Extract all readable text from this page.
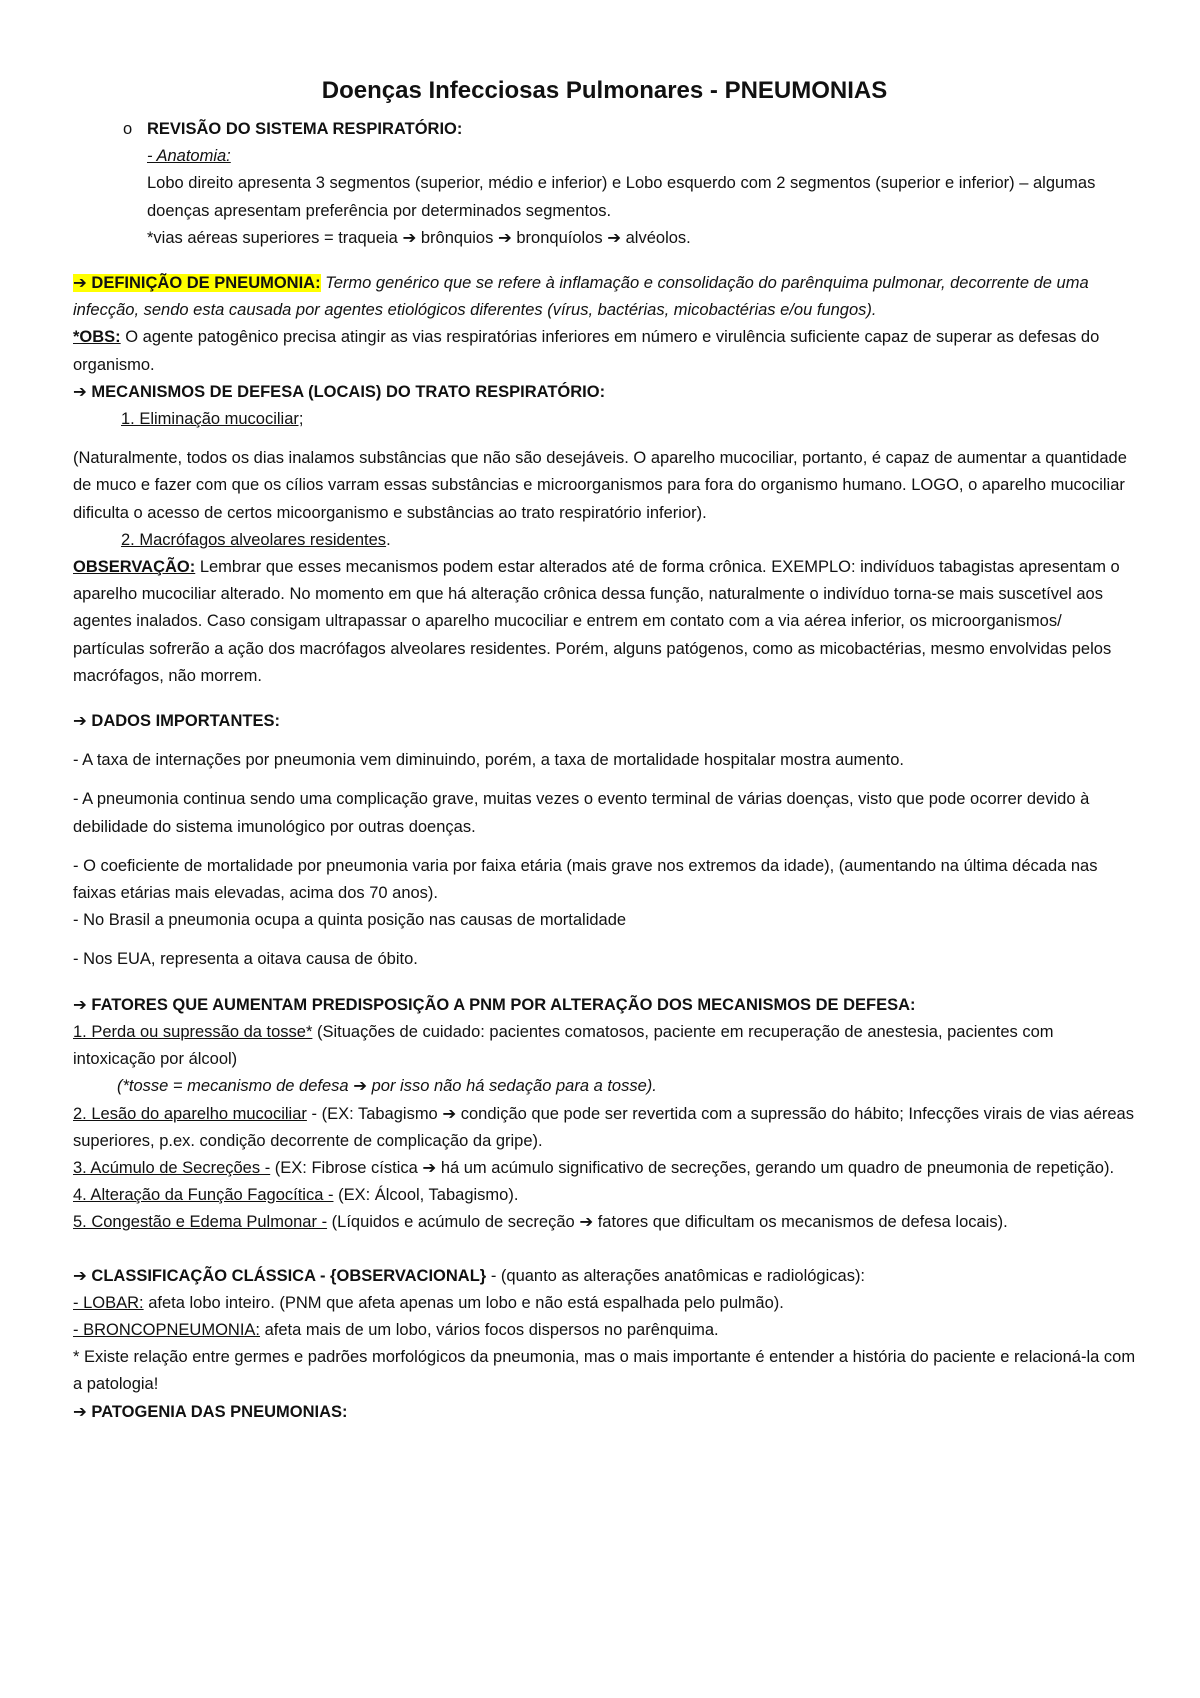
Doenças Infecciosas Pulmonares - PNEUMONIAS
o REVISÃO DO SISTEMA RESPIRATÓRIO:

- Anatomia:

Lobo direito apresenta 3 segmentos (superior, médio e inferior) e Lobo esquerdo com 2 segmentos (superior e inferior) – algumas doenças apresentam preferência por determinados segmentos.

*vias aéreas superiores = traqueia ➔ brônquios ➔ bronquíolos ➔ alvéolos.

➔ DEFINIÇÃO DE PNEUMONIA: Termo genérico que se refere à inflamação e consolidação do parênquima pulmonar, decorrente de uma infecção, sendo esta causada por agentes etiológicos diferentes (vírus, bactérias, micobactérias e/ou fungos).

*OBS: O agente patogênico precisa atingir as vias respiratórias inferiores em número e virulência suficiente capaz de superar as defesas do organismo.

➔ MECANISMOS DE DEFESA (LOCAIS) DO TRATO RESPIRATÓRIO:

1. Eliminação mucociliar;

(Naturalmente, todos os dias inalamos substâncias que não são desejáveis. O aparelho mucociliar, portanto, é capaz de aumentar a quantidade de muco e fazer com que os cílios varram essas substâncias e microorganismos para fora do organismo humano. LOGO, o aparelho mucociliar dificulta o acesso de certos micoorganismo e substâncias ao trato respiratório inferior).

2. Macrófagos alveolares residentes.

OBSERVAÇÃO: Lembrar que esses mecanismos podem estar alterados até de forma crônica. EXEMPLO: indivíduos tabagistas apresentam o aparelho mucociliar alterado. No momento em que há alteração crônica dessa função, naturalmente o indivíduo torna-se mais suscetível aos agentes inalados. Caso consigam ultrapassar o aparelho mucociliar e entrem em contato com a via aérea inferior, os microorganismos/ partículas sofrerão a ação dos macrófagos alveolares residentes. Porém, alguns patógenos, como as micobactérias, mesmo envolvidas pelos macrófagos, não morrem.

➔ DADOS IMPORTANTES:

- A taxa de internações por pneumonia vem diminuindo, porém, a taxa de mortalidade hospitalar mostra aumento.

- A pneumonia continua sendo uma complicação grave, muitas vezes o evento terminal de várias doenças, visto que pode ocorrer devido à debilidade do sistema imunológico por outras doenças.

- O coeficiente de mortalidade por pneumonia varia por faixa etária (mais grave nos extremos da idade), (aumentando na última década nas faixas etárias mais elevadas, acima dos 70 anos).

- No Brasil a pneumonia ocupa a quinta posição nas causas de mortalidade

- Nos EUA, representa a oitava causa de óbito.

➔ FATORES QUE AUMENTAM PREDISPOSIÇÃO A PNM POR ALTERAÇÃO DOS MECANISMOS DE DEFESA:

1. Perda ou supressão da tosse* (Situações de cuidado: pacientes comatosos, paciente em recuperação de anestesia, pacientes com intoxicação por álcool)

(*tosse = mecanismo de defesa ➔ por isso não há sedação para a tosse).

2. Lesão do aparelho mucociliar - (EX: Tabagismo ➔ condição que pode ser revertida com a supressão do hábito; Infecções virais de vias aéreas superiores, p.ex. condição decorrente de complicação da gripe).

3. Acúmulo de Secreções - (EX: Fibrose cística ➔ há um acúmulo significativo de secreções, gerando um quadro de pneumonia de repetição).

4. Alteração da Função Fagocítica - (EX: Álcool, Tabagismo).

5. Congestão e Edema Pulmonar - (Líquidos e acúmulo de secreção ➔ fatores que dificultam os mecanismos de defesa locais).

➔ CLASSIFICAÇÃO CLÁSSICA - {OBSERVACIONAL} - (quanto as alterações anatômicas e radiológicas):

- LOBAR: afeta lobo inteiro. (PNM que afeta apenas um lobo e não está espalhada pelo pulmão).

- BRONCOPNEUMONIA: afeta mais de um lobo, vários focos dispersos no parênquima.

* Existe relação entre germes e padrões morfológicos da pneumonia, mas o mais importante é entender a história do paciente e relacioná-la com a patologia!

➔ PATOGENIA DAS PNEUMONIAS:
